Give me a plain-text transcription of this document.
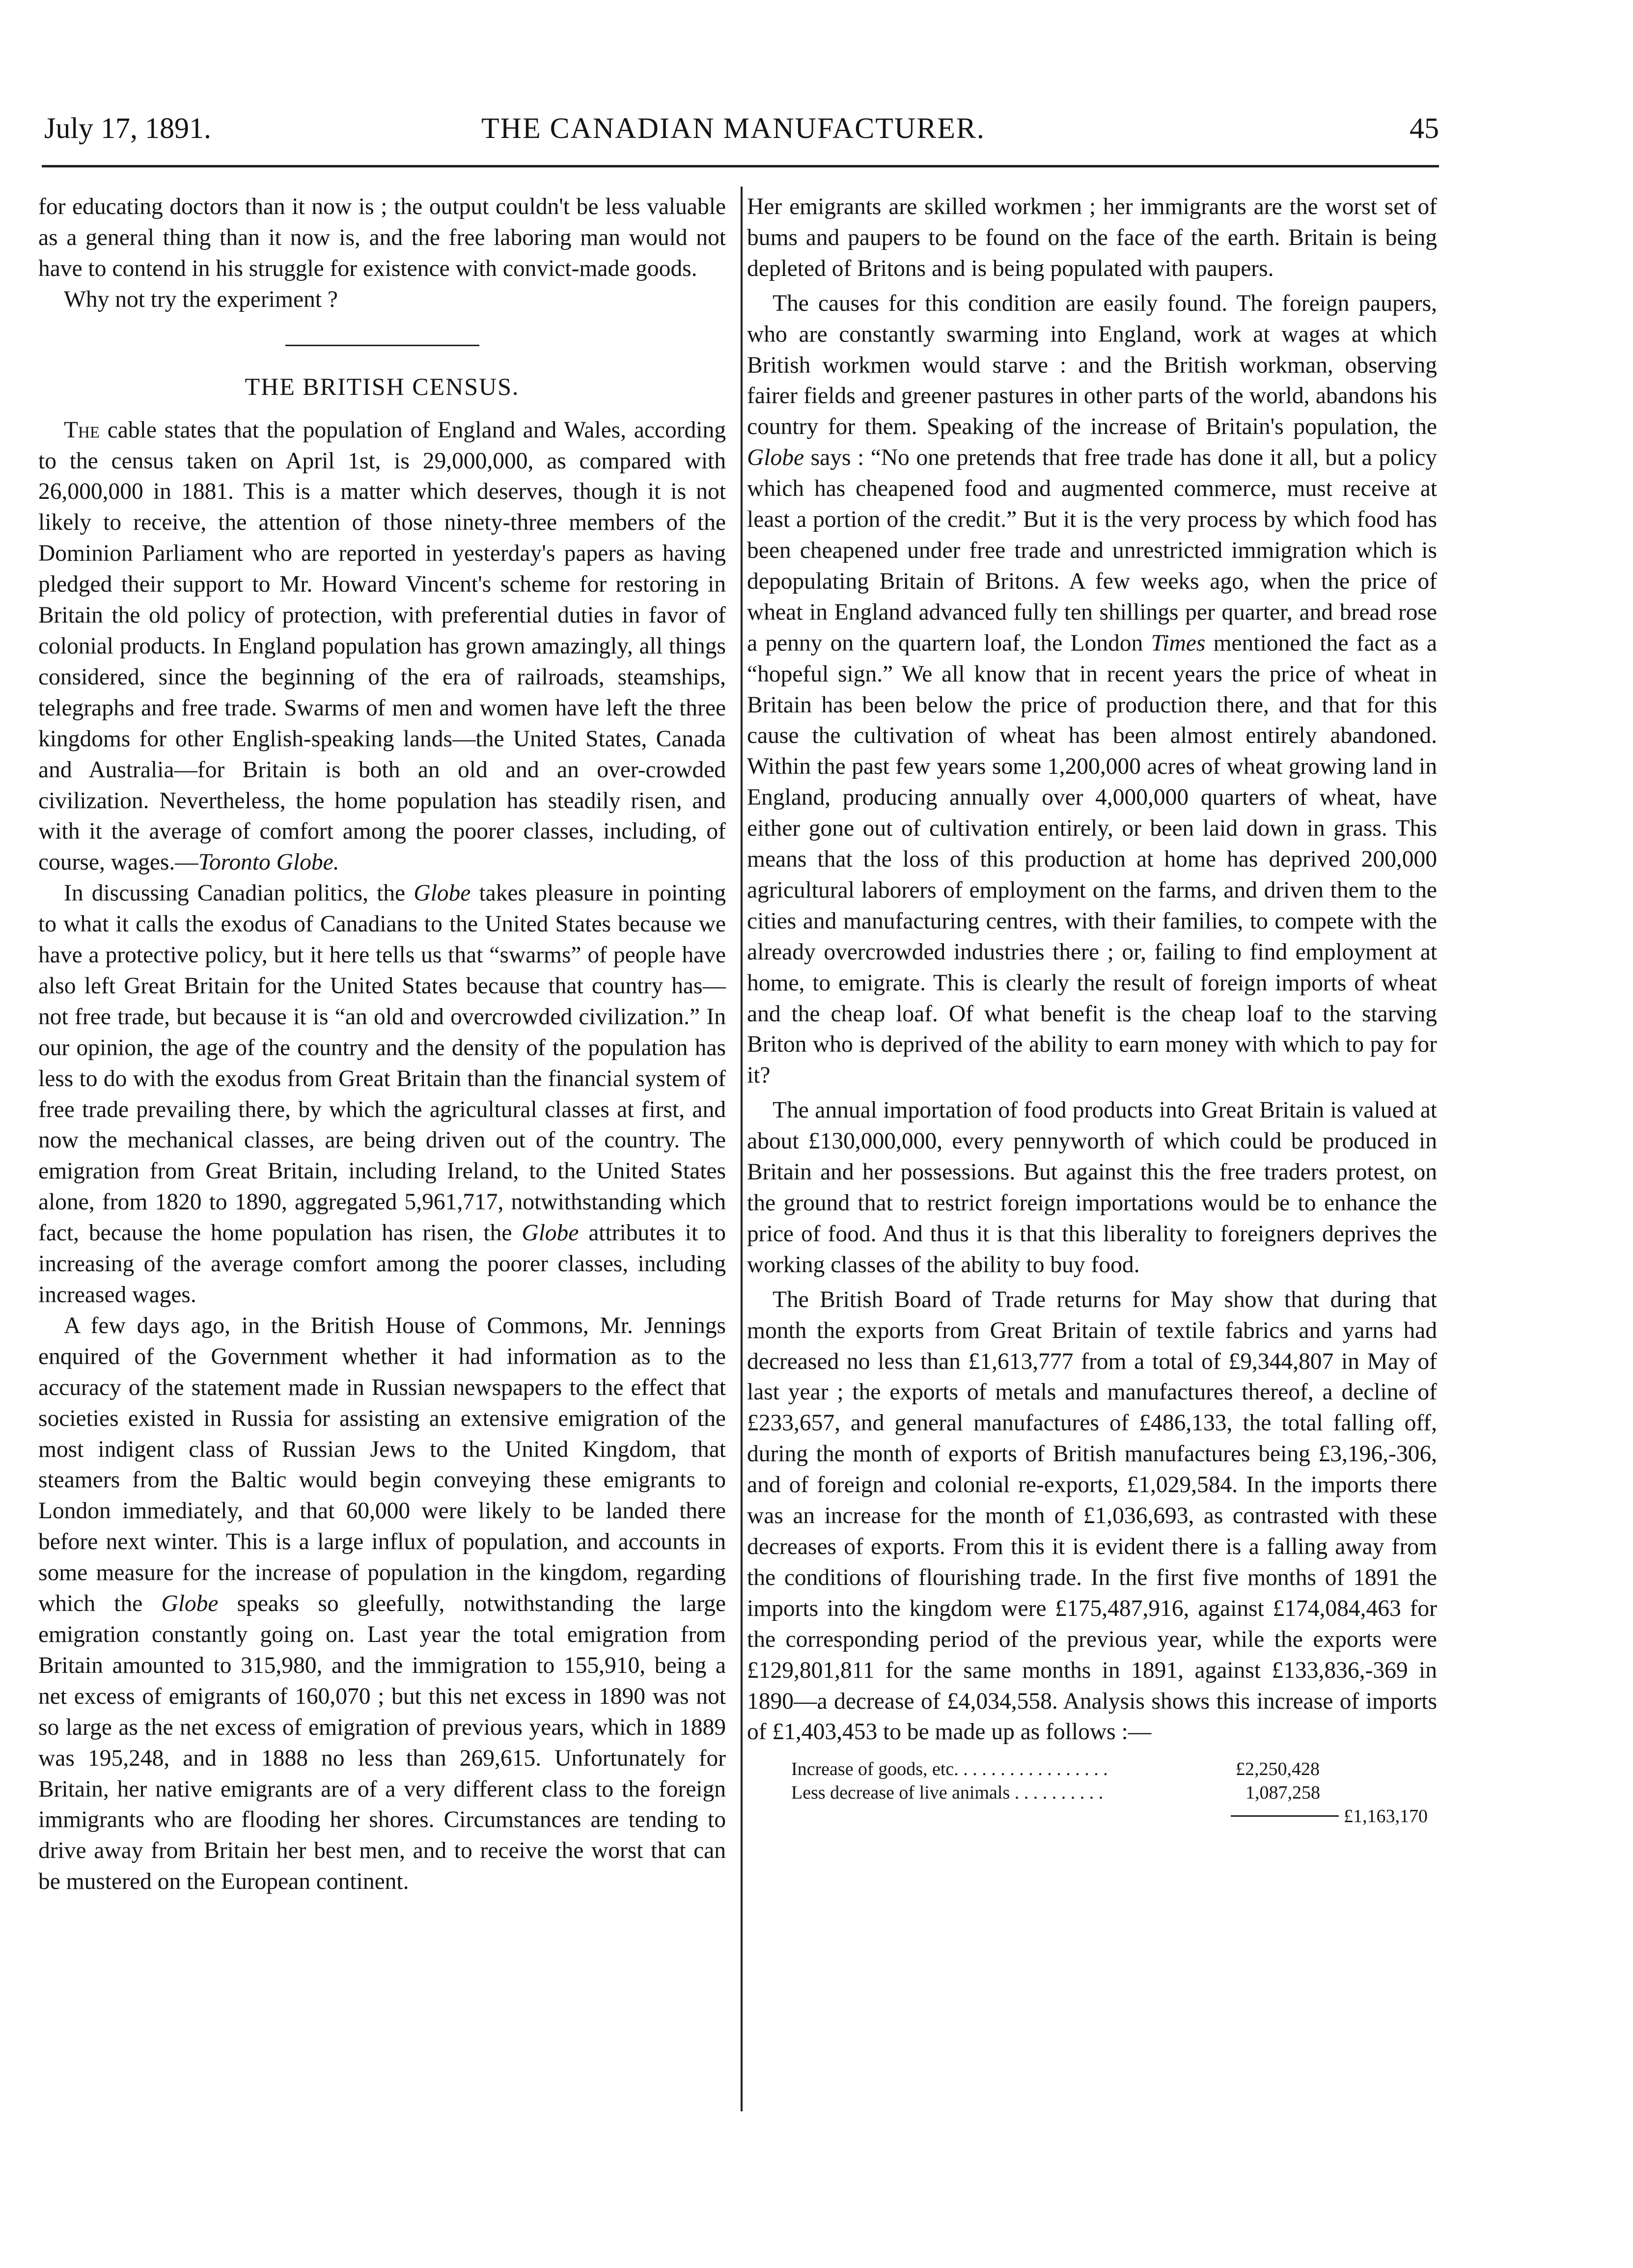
July 17, 1891.	THE CANADIAN MANUFACTURER.	45

for educating doctors than it now is ; the output couldn't be less valuable as a general thing than it now is, and the free laboring man would not have to contend in his struggle for existence with convict-made goods.

Why not try the experiment ?

THE BRITISH CENSUS.

The cable states that the population of England and Wales, according to the census taken on April 1st, is 29,000,000, as compared with 26,000,000 in 1881. This is a matter which deserves, though it is not likely to receive, the attention of those ninety-three members of the Dominion Parliament who are reported in yesterday's papers as having pledged their support to Mr. Howard Vincent's scheme for restoring in Britain the old policy of protection, with preferential duties in favor of colonial products. In England population has grown amazingly, all things considered, since the beginning of the era of railroads, steamships, telegraphs and free trade. Swarms of men and women have left the three kingdoms for other English-speaking lands—the United States, Canada and Australia—for Britain is both an old and an over-crowded civilization. Nevertheless, the home population has steadily risen, and with it the average of comfort among the poorer classes, including, of course, wages.—Toronto Globe.

In discussing Canadian politics, the Globe takes pleasure in pointing to what it calls the exodus of Canadians to the United States because we have a protective policy, but it here tells us that “swarms” of people have also left Great Britain for the United States because that country has—not free trade, but because it is “an old and overcrowded civilization.” In our opinion, the age of the country and the density of the population has less to do with the exodus from Great Britain than the financial system of free trade prevailing there, by which the agricultural classes at first, and now the mechanical classes, are being driven out of the country. The emigration from Great Britain, including Ireland, to the United States alone, from 1820 to 1890, aggregated 5,961,717, notwithstanding which fact, because the home population has risen, the Globe attributes it to increasing of the average comfort among the poorer classes, including increased wages.

A few days ago, in the British House of Commons, Mr. Jennings enquired of the Government whether it had information as to the accuracy of the statement made in Russian newspapers to the effect that societies existed in Russia for assisting an extensive emigration of the most indigent class of Russian Jews to the United Kingdom, that steamers from the Baltic would begin conveying these emigrants to London immediately, and that 60,000 were likely to be landed there before next winter. This is a large influx of population, and accounts in some measure for the increase of population in the kingdom, regarding which the Globe speaks so gleefully, notwithstanding the large emigration constantly going on. Last year the total emigration from Britain amounted to 315,980, and the immigration to 155,910, being a net excess of emigrants of 160,070 ; but this net excess in 1890 was not so large as the net excess of emigration of previous years, which in 1889 was 195,248, and in 1888 no less than 269,615. Unfortunately for Britain, her native emigrants are of a very different class to the foreign immigrants who are flooding her shores. Circumstances are tending to drive away from Britain her best men, and to receive the worst that can be mustered on the European continent.

Her emigrants are skilled workmen ; her immigrants are the worst set of bums and paupers to be found on the face of the earth. Britain is being depleted of Britons and is being populated with paupers.

The causes for this condition are easily found. The foreign paupers, who are constantly swarming into England, work at wages at which British workmen would starve : and the British workman, observing fairer fields and greener pastures in other parts of the world, abandons his country for them. Speaking of the increase of Britain's population, the Globe says : “No one pretends that free trade has done it all, but a policy which has cheapened food and augmented commerce, must receive at least a portion of the credit.” But it is the very process by which food has been cheapened under free trade and unrestricted immigration which is depopulating Britain of Britons. A few weeks ago, when the price of wheat in England advanced fully ten shillings per quarter, and bread rose a penny on the quartern loaf, the London Times mentioned the fact as a “hopeful sign.” We all know that in recent years the price of wheat in Britain has been below the price of production there, and that for this cause the cultivation of wheat has been almost entirely abandoned. Within the past few years some 1,200,000 acres of wheat growing land in England, producing annually over 4,000,000 quarters of wheat, have either gone out of cultivation entirely, or been laid down in grass. This means that the loss of this production at home has deprived 200,000 agricultural laborers of employment on the farms, and driven them to the cities and manufacturing centres, with their families, to compete with the already overcrowded industries there ; or, failing to find employment at home, to emigrate. This is clearly the result of foreign imports of wheat and the cheap loaf. Of what benefit is the cheap loaf to the starving Briton who is deprived of the ability to earn money with which to pay for it?

The annual importation of food products into Great Britain is valued at about £130,000,000, every pennyworth of which could be produced in Britain and her possessions. But against this the free traders protest, on the ground that to restrict foreign importations would be to enhance the price of food. And thus it is that this liberality to foreigners deprives the working classes of the ability to buy food.

The British Board of Trade returns for May show that during that month the exports from Great Britain of textile fabrics and yarns had decreased no less than £1,613,777 from a total of £9,344,807 in May of last year ; the exports of metals and manufactures thereof, a decline of £233,657, and general manufactures of £486,133, the total falling off, during the month of exports of British manufactures being £3,196,-306, and of foreign and colonial re-exports, £1,029,584. In the imports there was an increase for the month of £1,036,693, as contrasted with these decreases of exports. From this it is evident there is a falling away from the conditions of flourishing trade. In the first five months of 1891 the imports into the kingdom were £175,487,916, against £174,084,463 for the corresponding period of the previous year, while the exports were £129,801,811 for the same months in 1891, against £133,836,-369 in 1890—a decrease of £4,034,558. Analysis shows this increase of imports of £1,403,453 to be made up as follows :—

Increase of goods, etc. . . . . . . . . . . . . . . . .	£2,250,428
Less decrease of live animals . . . . . . . . . .	1,087,258
£1,163,170
